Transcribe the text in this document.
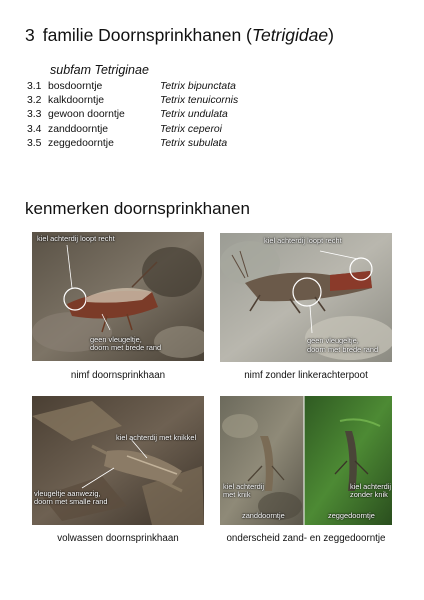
3 familie Doornsprinkhanen (Tetrigidae)
subfam Tetriginae
3.1 bosdoorntje	Tetrix bipunctata
3.2 kalkdoorntje	Tetrix tenuicornis
3.3 gewoon doorntje	Tetrix undulata
3.4 zanddoorntje	Tetrix ceperoi
3.5 zeggedoorntje	Tetrix subulata
kenmerken doornsprinkhanen
kiel achterdij loopt recht
geen vleugeltje,
doorn met brede rand
nimf doornsprinkhaan
kiel achterdij loopt recht
geen vleugeltje,
doorn met brede rand
nimf zonder linkerachterpoot
kiel achterdij met knikkel
vleugeltje aanwezig,
doorn met smalle rand
volwassen doornsprinkhaan
kiel achterdij
met knik
kiel achterdij
zonder knik
zanddoorntje	zeggedoorntje
onderscheid zand- en zeggedoorntje
